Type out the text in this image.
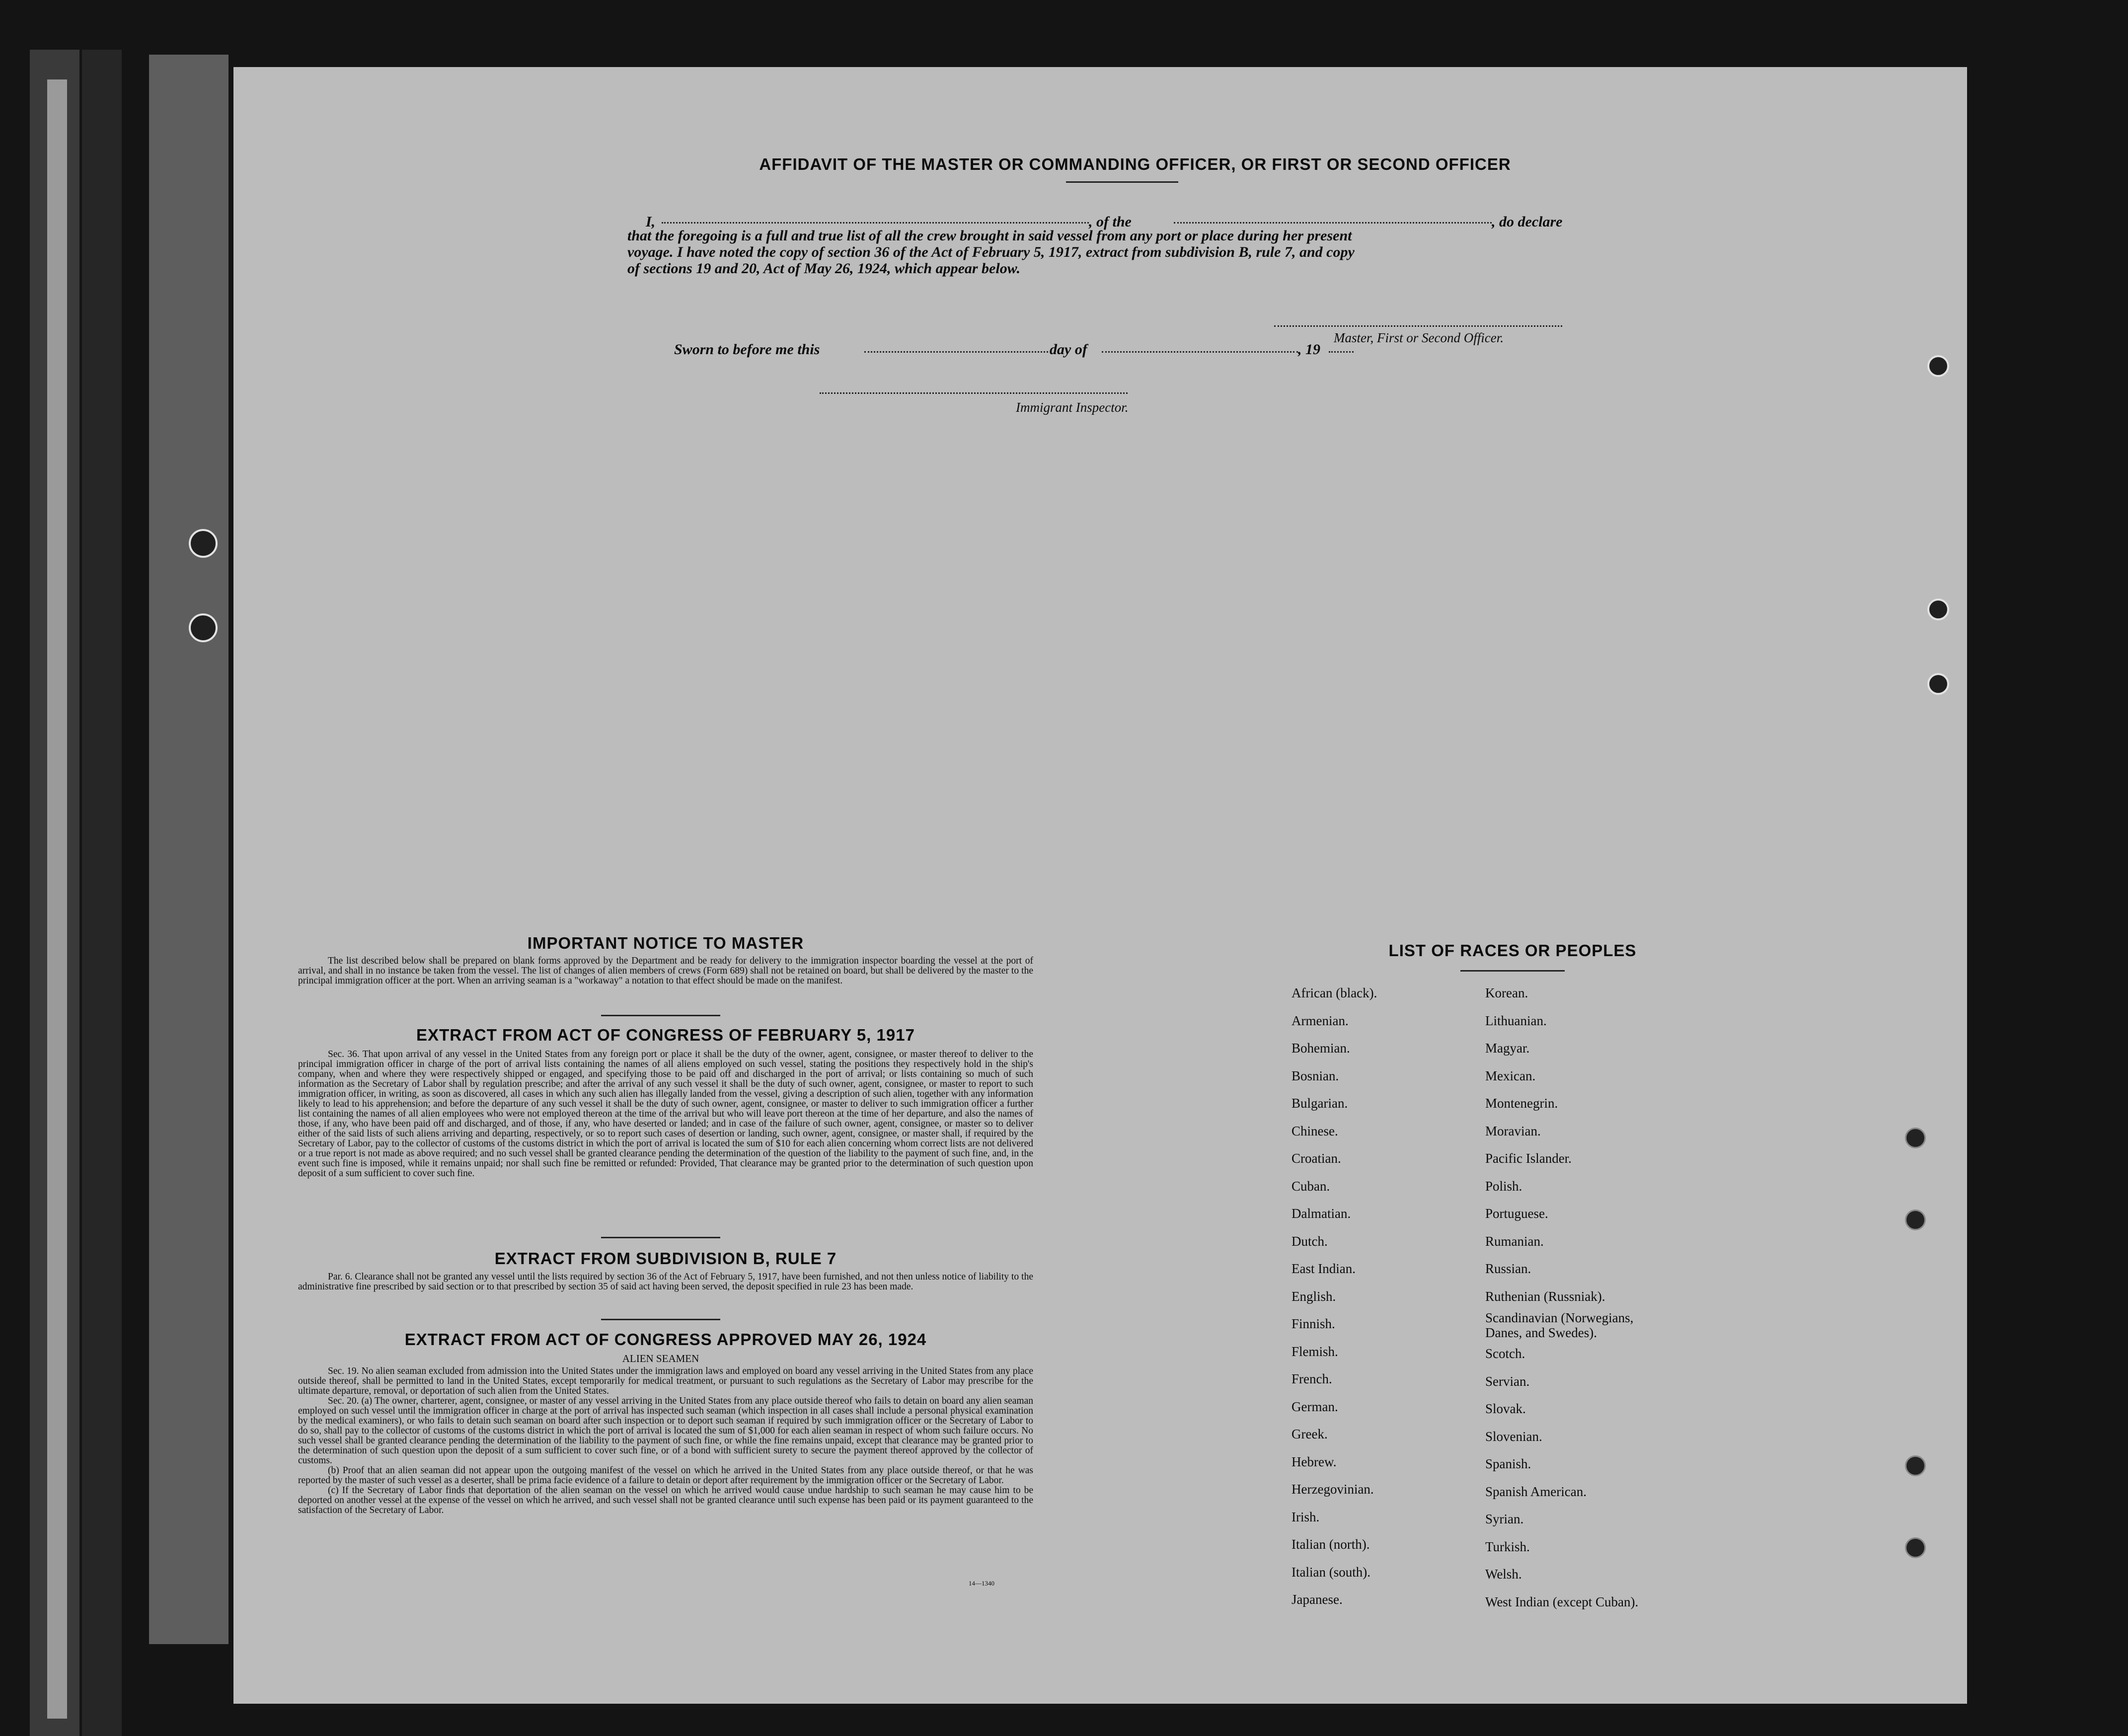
AFFIDAVIT OF THE MASTER OR COMMANDING OFFICER, OR FIRST OR SECOND OFFICER
I,	, of the	, do declare
that the foregoing is a full and true list of all the crew brought in said vessel from any port or place during her present
voyage. I have noted the copy of section 36 of the Act of February 5, 1917, extract from subdivision B, rule 7, and copy
of sections 19 and 20, Act of May 26, 1924, which appear below.
Master, First or Second Officer.
Sworn to before me this	day of	, 19
Immigrant Inspector.
IMPORTANT NOTICE TO MASTER
The list described below shall be prepared on blank forms approved by the Department and be ready for delivery to the immigration inspector boarding the vessel at the port of arrival, and shall in no instance be taken from the vessel. The list of changes of alien members of crews (Form 689) shall not be retained on board, but shall be delivered by the master to the principal immigration officer at the port. When an arriving seaman is a "workaway" a notation to that effect should be made on the manifest.
EXTRACT FROM ACT OF CONGRESS OF FEBRUARY 5, 1917
Sec. 36. That upon arrival of any vessel in the United States from any foreign port or place it shall be the duty of the owner, agent, consignee, or master thereof to deliver to the principal immigration officer in charge of the port of arrival lists containing the names of all aliens employed on such vessel, stating the positions they respectively hold in the ship's company, when and where they were respectively shipped or engaged, and specifying those to be paid off and discharged in the port of arrival; or lists containing so much of such information as the Secretary of Labor shall by regulation prescribe; and after the arrival of any such vessel it shall be the duty of such owner, agent, consignee, or master to report to such immigration officer, in writing, as soon as discovered, all cases in which any such alien has illegally landed from the vessel, giving a description of such alien, together with any information likely to lead to his apprehension; and before the departure of any such vessel it shall be the duty of such owner, agent, consignee, or master to deliver to such immigration officer a further list containing the names of all alien employees who were not employed thereon at the time of the arrival but who will leave port thereon at the time of her departure, and also the names of those, if any, who have been paid off and discharged, and of those, if any, who have deserted or landed; and in case of the failure of such owner, agent, consignee, or master so to deliver either of the said lists of such aliens arriving and departing, respectively, or so to report such cases of desertion or landing, such owner, agent, consignee, or master shall, if required by the Secretary of Labor, pay to the collector of customs of the customs district in which the port of arrival is located the sum of $10 for each alien concerning whom correct lists are not delivered or a true report is not made as above required; and no such vessel shall be granted clearance pending the determination of the question of the liability to the payment of such fine, and, in the event such fine is imposed, while it remains unpaid; nor shall such fine be remitted or refunded: Provided, That clearance may be granted prior to the determination of such question upon deposit of a sum sufficient to cover such fine.
EXTRACT FROM SUBDIVISION B, RULE 7
Par. 6. Clearance shall not be granted any vessel until the lists required by section 36 of the Act of February 5, 1917, have been furnished, and not then unless notice of liability to the administrative fine prescribed by said section or to that prescribed by section 35 of said act having been served, the deposit specified in rule 23 has been made.
EXTRACT FROM ACT OF CONGRESS APPROVED MAY 26, 1924
ALIEN SEAMEN

Sec. 19. No alien seaman excluded from admission into the United States under the immigration laws and employed on board any vessel arriving in the United States from any place outside thereof, shall be permitted to land in the United States, except temporarily for medical treatment, or pursuant to such regulations as the Secretary of Labor may prescribe for the ultimate departure, removal, or deportation of such alien from the United States.

Sec. 20. (a) The owner, charterer, agent, consignee, or master of any vessel arriving in the United States from any place outside thereof who fails to detain on board any alien seaman employed on such vessel until the immigration officer in charge at the port of arrival has inspected such seaman (which inspection in all cases shall include a personal physical examination by the medical examiners), or who fails to detain such seaman on board after such inspection or to deport such seaman if required by such immigration officer or the Secretary of Labor to do so, shall pay to the collector of customs of the customs district in which the port of arrival is located the sum of $1,000 for each alien seaman in respect of whom such failure occurs. No such vessel shall be granted clearance pending the determination of the liability to the payment of such fine, or while the fine remains unpaid, except that clearance may be granted prior to the determination of such question upon the deposit of a sum sufficient to cover such fine, or of a bond with sufficient surety to secure the payment thereof approved by the collector of customs.

(b) Proof that an alien seaman did not appear upon the outgoing manifest of the vessel on which he arrived in the United States from any place outside thereof, or that he was reported by the master of such vessel as a deserter, shall be prima facie evidence of a failure to detain or deport after requirement by the immigration officer or the Secretary of Labor.

(c) If the Secretary of Labor finds that deportation of the alien seaman on the vessel on which he arrived would cause undue hardship to such seaman he may cause him to be deported on another vessel at the expense of the vessel on which he arrived, and such vessel shall not be granted clearance until such expense has been paid or its payment guaranteed to the satisfaction of the Secretary of Labor.

14—1340
LIST OF RACES OR PEOPLES
African (black).
Armenian.
Bohemian.
Bosnian.
Bulgarian.
Chinese.
Croatian.
Cuban.
Dalmatian.
Dutch.
East Indian.
English.
Finnish.
Flemish.
French.
German.
Greek.
Hebrew.
Herzegovinian.
Irish.
Italian (north).
Italian (south).
Japanese.
Korean.
Lithuanian.
Magyar.
Mexican.
Montenegrin.
Moravian.
Pacific Islander.
Polish.
Portuguese.
Rumanian.
Russian.
Ruthenian (Russniak).
Scandinavian (Norwegians,
Danes, and Swedes).
Scotch.
Servian.
Slovak.
Slovenian.
Spanish.
Spanish American.
Syrian.
Turkish.
Welsh.
West Indian (except Cuban).
